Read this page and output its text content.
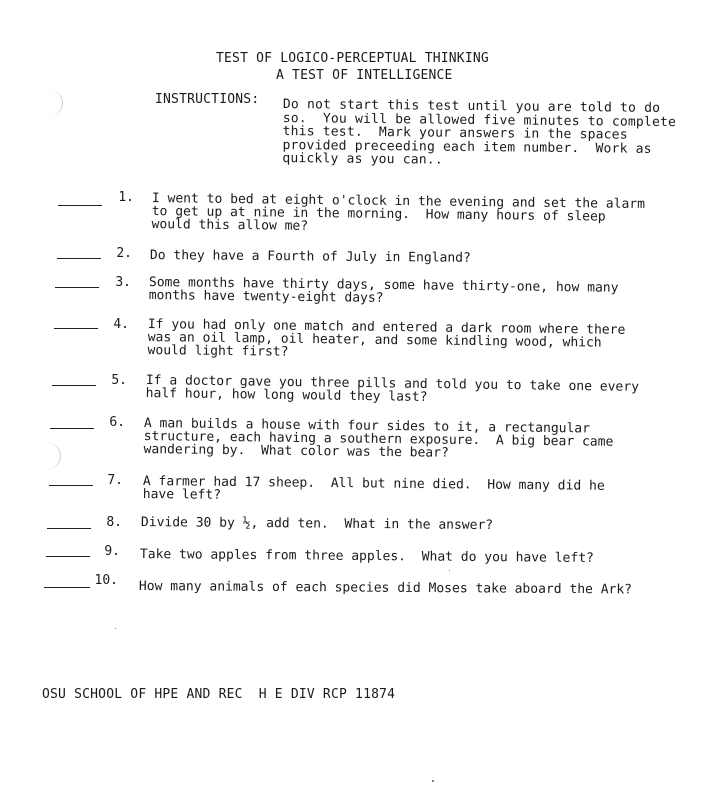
TEST OF LOGICO-PERCEPTUAL THINKING
A TEST OF INTELLIGENCE
INSTRUCTIONS: Do not start this test until you are told to do
so.  You will be allowed five minutes to complete
this test.  Mark your answers in the spaces
provided preceeding each item number.  Work as
quickly as you can..
1. I went to bed at eight o'clock in the evening and set the alarm
to get up at nine in the morning.  How many hours of sleep
would this allow me?
2. Do they have a Fourth of July in England?
3. Some months have thirty days, some have thirty-one, how many
months have twenty-eight days?
4. If you had only one match and entered a dark room where there
was an oil lamp, oil heater, and some kindling wood, which
would light first?
5. If a doctor gave you three pills and told you to take one every
half hour, how long would they last?
6. A man builds a house with four sides to it, a rectangular
structure, each having a southern exposure.  A big bear came
wandering by.  What color was the bear?
7. A farmer had 17 sheep.  All but nine died.  How many did he
have left?
8. Divide 30 by ½, add ten.  What in the answer?
9. Take two apples from three apples.  What do you have left?
10. How many animals of each species did Moses take aboard the Ark?
OSU SCHOOL OF HPE AND REC  H E DIV RCP 11874
